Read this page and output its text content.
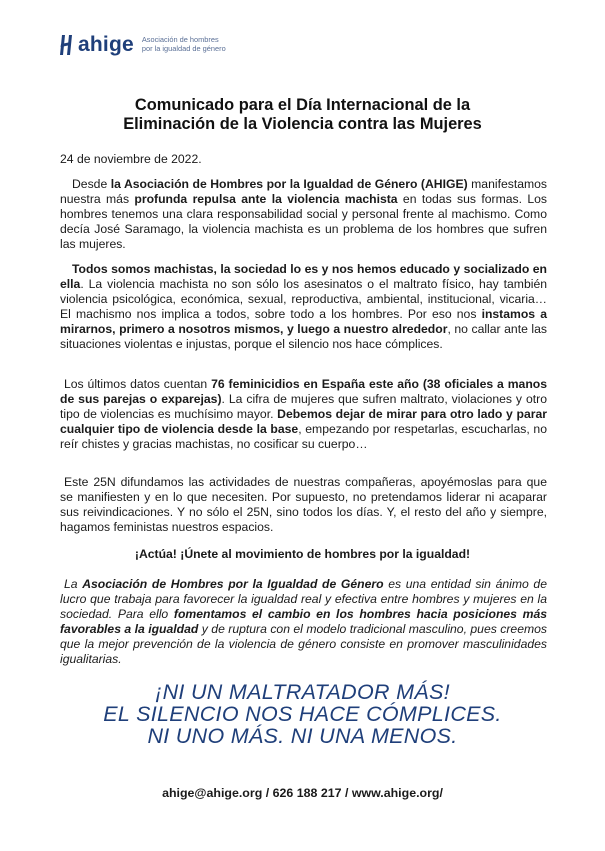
ahige Asociación de hombres
por la igualdad de género
Comunicado para el Día Internacional de la
Eliminación de la Violencia contra las Mujeres
24 de noviembre de 2022.
Desde la Asociación de Hombres por la Igualdad de Género (AHIGE) manifestamos nuestra más profunda repulsa ante la violencia machista en todas sus formas. Los hombres tenemos una clara responsabilidad social y personal frente al machismo. Como decía José Saramago, la violencia machista es un problema de los hombres que sufren las mujeres.
Todos somos machistas, la sociedad lo es y nos hemos educado y socializado en ella. La violencia machista no son sólo los asesinatos o el maltrato físico, hay también violencia psicológica, económica, sexual, reproductiva, ambiental, institucional, vicaria… El machismo nos implica a todos, sobre todo a los hombres. Por eso nos instamos a mirarnos, primero a nosotros mismos, y luego a nuestro alrededor, no callar ante las situaciones violentas e injustas, porque el silencio nos hace cómplices.
Los últimos datos cuentan 76 feminicidios en España este año (38 oficiales a manos de sus parejas o exparejas). La cifra de mujeres que sufren maltrato, violaciones y otro tipo de violencias es muchísimo mayor. Debemos dejar de mirar para otro lado y parar cualquier tipo de violencia desde la base, empezando por respetarlas, escucharlas, no reír chistes y gracias machistas, no cosificar su cuerpo…
Este 25N difundamos las actividades de nuestras compañeras, apoyémoslas para que se manifiesten y en lo que necesiten. Por supuesto, no pretendamos liderar ni acaparar sus reivindicaciones. Y no sólo el 25N, sino todos los días. Y, el resto del año y siempre, hagamos feministas nuestros espacios.
¡Actúa! ¡Únete al movimiento de hombres por la igualdad!
La Asociación de Hombres por la Igualdad de Género es una entidad sin ánimo de lucro que trabaja para favorecer la igualdad real y efectiva entre hombres y mujeres en la sociedad. Para ello fomentamos el cambio en los hombres hacia posiciones más favorables a la igualdad y de ruptura con el modelo tradicional masculino, pues creemos que la mejor prevención de la violencia de género consiste en promover masculinidades igualitarias.
¡NI UN MALTRATADOR MÁS!
EL SILENCIO NOS HACE CÓMPLICES.
NI UNO MÁS. NI UNA MENOS.
ahige@ahige.org / 626 188 217 / www.ahige.org/
